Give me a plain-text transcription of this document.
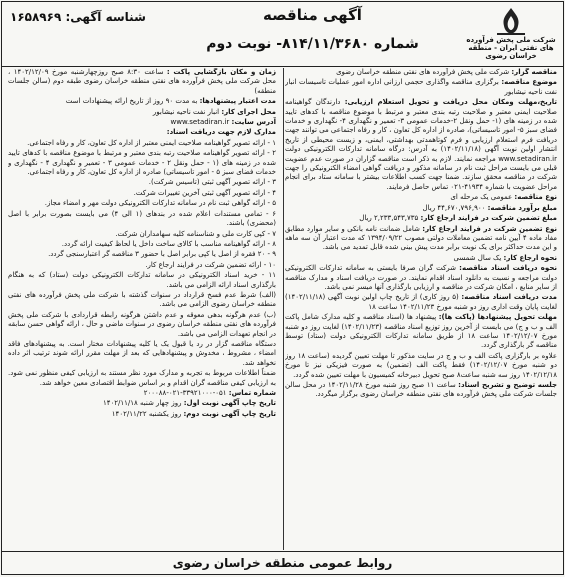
شرکت ملی پخش فرآورده های نفتی ایران - منطقه خراسان رضوی
آگهی مناقصه
شماره ۸۱۴/۱۱/۳۶۸۰- نوبت دوم
شناسه آگهی: ۱۶۵۸۹۶۹

مناقصه گزار: شرکت ملی پخش فرآورده های نفتی منطقه خراسان رضوی

موضوع مناقصه: برگزاری مناقصه واگذاری حجمی ارزانی اداره امور عملیات تاسیسات انبار نفت ناحیه نیشابور

تاریخ،مهلت ومکان محل دریافت و تحویل استعلام ارزیابی: دارندگان گواهینامه صلاحیت ایمنی معتبر و صلاحیت رتبه بندی معتبر و مرتبط با موضوع مناقصه با کدهای تایید شده در زمینه های (۱- حمل ونقل ۲-خدمات عمومی ۳- تعمیر و نگهداری ۴- نگهداری و خدمات فضای سبز ۵- امور تاسیساتی)، صادره از اداره کل تعاون ، کار و رفاه اجتماعی می توانند جهت دریافت فرم استعلام ارزیابی و فرم کوتاهمدتی بهداشتی، ایمنی، و زیست محیطی از تاریخ انتشار اولین نوبت آگهی (۱۴۰۲/۱۱/۱۸) به آدرس: درگاه سامانه تدارکات الکترونیکی دولت www.setadiran.ir مراجعه نمایند. لازم به ذکر است مناقصه گزاران در صورت عدم عضویت قبلی می بایست مراحل ثبت نام در سامانه مذکور و دریافت گواهی امضاء الکترونیکی را جهت شرکت در مناقصه محقق سازند. ضمنا جهت کسب اطلاعات بیشتر با سامانه ستاد برای انجام مراحل عضویت با شماره ۴۱۹۳۴-۰۲۱ تماس حاصل فرمایند.

نوع مناقصه: عمومی یک مرحله ای

مبلغ برآورد مناقصه: ۴۴,۶۷۰,۷۹۶,۹۰۰ ریال

مبلغ تضمین شرکت در فرایند ارجاع کار: ۲,۲۳۳,۵۴۳,۷۳۵ ریال

نوع تضمین شرکت در فرایند ارجاع کار: شامل ضمانت نامه بانکی و سایر موارد مطابق مفاد ماده ۴ آیین نامه تضمین معاملات دولتی مصوب ۱۳۹۴/۰۹/۲۲ که مدت اعتبار آن سه ماهه و این مدت حداکثر برای یک نوبت برابر مدت پیش بینی شده قابل تمدید می باشد.

نحوه ارجاع کار: یک سال شمسی

نحوه دریافت اسناد مناقصه: شرکت گران صرفا بایستی به سامانه تدارکات الکترونیکی دولت مراجعه و نسبت به دانلود اسناد اقدام نمایند. در صورت دریافت اسناد و مدارک مناقصه از سایر منابع ، امکان شرکت در مناقصه و ارزیابی بارگذاری آنها میسر نمی باشد.

مدت دریافت اسناد مناقصه: (۵ روز کاری) از تاریخ چاپ اولین نوبت آگهی (۱۴۰۲/۱۱/۱۸) لغایت پایان وقت اداری روز دو شنبه مورخ ۱۴۰۲/۱۱/۲۳ ساعت ۱۸

مهلت تحویل پیشنهادها (پاکت ها): پیشنهاد ها (اسناد مناقصه و کلیه مدارک شامل پاکت الف و ب و ج) می بایست از آخرین روز توزیع اسناد مناقصه (۱۴۰۲/۱۱/۲۳) لغایت روز دو شنبه مورخ ۱۴۰۲/۱۲/۰۷ ساعت ۱۸ از طریق سامانه تدارکات الکترونیکی دولت (ستاد) توسط مناقصه گر بارگذاری گردد.

علاوه بر بارگزاری پاکت الف و ب و ج در سایت مذکور تا مهلت تعیین گردیده (ساعت ۱۸ روز دو شنبه مورخ ۱۴۰۲/۱۲/۰۷) فقط پاکت الف (تضمین) به صورت فیزیکی نیز تا مورخ ۱۴۰۲/۱۲/۱۸ روز سه شنبه ساعت۸ صبح تحویل دبیرخانه کمیسیون با مهلت تعیین شده گردد.

جلسه توضیح و تشریح اسناد: ساعت ۱۱ صبح روز شنبه مورخ ۱۴۰۲/۱۱/۲۸ در محل سالن جلسات شرکت ملی پخش فرآورده های نفتی منطقه خراسان رضوی برگزار میگردد.

زمان و مکان بازگشایی پاکت : ساعت ۸:۳۰ صبح روزچهارشنبه مورخ ۱۴۰۲/۱۲/۰۹ ، محل شرکت ملی پخش فرآورده های نفتی منطقه خراسان رضوی طبقه دوم (سالن جلسات منطقه)

مدت اعتبار پیشنهادها: به مدت ۹۰ روز از تاریخ ارائه پیشنهادات است

محل اجرای کار: انبار نفت ناحیه نیشابور

آدرس سایت: www.setadiran.ir

مدارک لازم جهت دریافت اسناد:

۱ - ارائه تصویر گواهینامه صلاحیت ایمنی معتبر از اداره کل تعاون، کار و رفاه اجتماعی.

۲ - ارائه تصویر گواهینامه صلاحیت رتبه بندی معتبر و مرتبط با موضوع مناقصه با کدهای تایید شده در زمینه های (۱ - حمل ونقل ۲ - خدمات عمومی ۳ - تعمیر و نگهداری ۴ - نگهداری و خدمات فضای سبز ۵ - امور تاسیساتی) صادره از اداره کل تعاون، کار و رفاه اجتماعی.

۳ - ارائه تصویر آگهی ثبتی (تاسیس شرکت).

۴ - ارائه تصویر آگهی ثبتی آخرین تغییرات شرکت.

۵ - ارائه گواهی ثبت نام در سامانه تدارکات الکترونیکی دولت مهر و امضاء مجاز.

۶ - تمامی مستندات اعلام شده در بندهای (۱ الی ۴) می بایست بصورت برابر با اصل (محضری) باشند.

۷ - کپی کارت ملی و شناسنامه کلیه سهامداران شرکت.

۸ - ارائه گواهینامه مناسب با کالای ساخت داخل یا لحاظ کیفیت ارائه گردد.

۹ - ۲۰ فقره از اصل یا کپی برابر اصل با حضور ۳ مناقصه گر اعتبارسنجی گردد.

۱۰ - ارائه تضمین شرکت در فرایند ارجاع کار.

۱۱ - خرید اسناد الکترونیکی در سامانه تدارکات الکترونیکی دولت (ستاد) که به هنگام بارگذاری اسناد ارائه الزامی می باشد.

(الف) شرط عدم فسخ قرارداد در سنوات گذشته با شرکت ملی پخش فرآورده های نفتی منطقه خراسان رضوی الزامی می باشد.

(ب) عدم هرگونه بدهی معوقه و عدم داشتن هرگونه رابطه قراردادی با شرکت ملی پخش فرآورده های نفتی منطقه خراسان رضوی در سنوات ماضی و حال ، ارائه گواهی حسن سابقه در انجام تعهدات الزامی می باشد.

دستگاه مناقصه گزار در رد یا قبول یک یا کلیه پیشنهادات مختار است. به پیشنهادهای فاقد امضاء ، مشروط ، مخدوش و پیشنهادهایی که بعد از مهلت مقرر ارائه شوند ترتیب اثر داده نخواهد شد.

ضمناً اطلاعات مربوط به تجربه و مدارک مورد نظر مستند به ارزیابی کیفی منظور نمی شود. به ارزیابی کیفی مناقصه گران اقدام و بر اساس ضوابط اقتصادی معین خواهد شد.

شماره تماس: ۰۵۱-۳۳۹۲۱۰۰۰-۰۲۱-۲۰۰۰۸۸

تاریخ چاپ آگهی نوبت اول: روز چهار شنبه ۱۴۰۲/۱۱/۱۸

تاریخ چاپ آگهی نوبت دوم: روز یکشنبه ۱۴۰۲/۱۱/۲۲

روابط عمومی منطقه خراسان رضوی
